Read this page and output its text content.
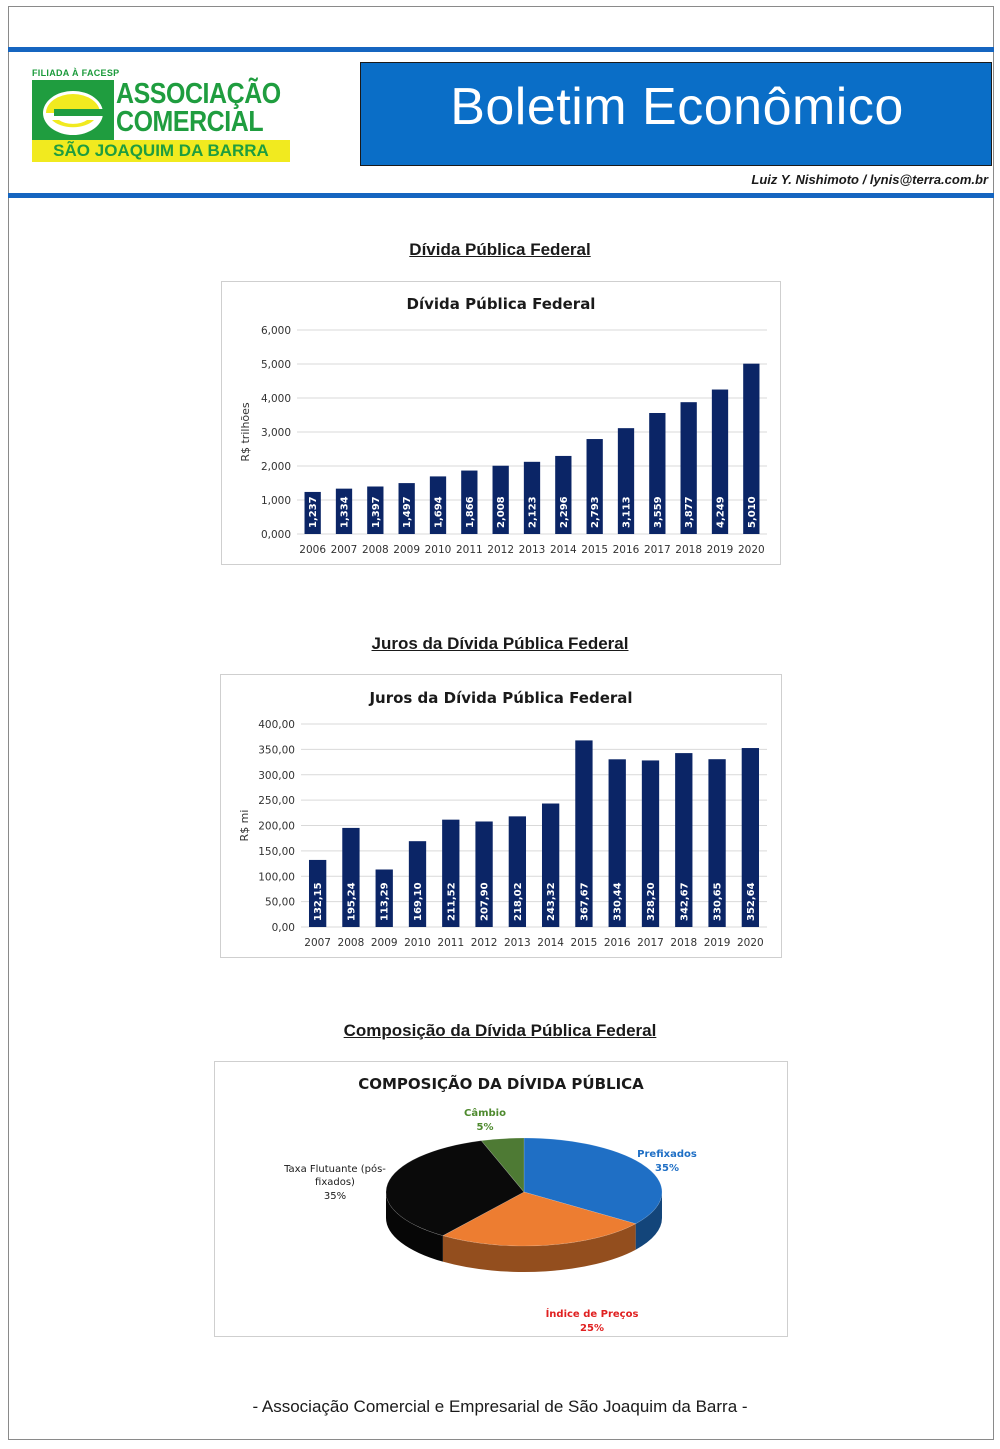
FILIADA À FACESP
ASSOCIAÇÃO
COMERCIAL
SÃO JOAQUIM DA BARRA
Boletim Econômico
Luiz Y. Nishimoto / lynis@terra.com.br
Dívida Pública Federal
Dívida Pública Federal
0,000
1,000
2,000
3,000
4,000
5,000
6,000
R$ trilhões
1,237
2006
1,334
2007
1,397
2008
1,497
2009
1,694
2010
1,866
2011
2,008
2012
2,123
2013
2,296
2014
2,793
2015
3,113
2016
3,559
2017
3,877
2018
4,249
2019
5,010
2020
Juros da Dívida Pública Federal
Juros da Dívida Pública Federal
0,00
50,00
100,00
150,00
200,00
250,00
300,00
350,00
400,00
R$ mi
132,15
2007
195,24
2008
113,29
2009
169,10
2010
211,52
2011
207,90
2012
218,02
2013
243,32
2014
367,67
2015
330,44
2016
328,20
2017
342,67
2018
330,65
2019
352,64
2020
Composição da Dívida Pública Federal
COMPOSIÇÃO DA DÍVIDA PÚBLICA
Prefixados
35%
Índice de Preços
25%
Taxa Flutuante (pós-
fixados)
35%
Câmbio
5%
- Associação Comercial e Empresarial de São Joaquim da Barra -
